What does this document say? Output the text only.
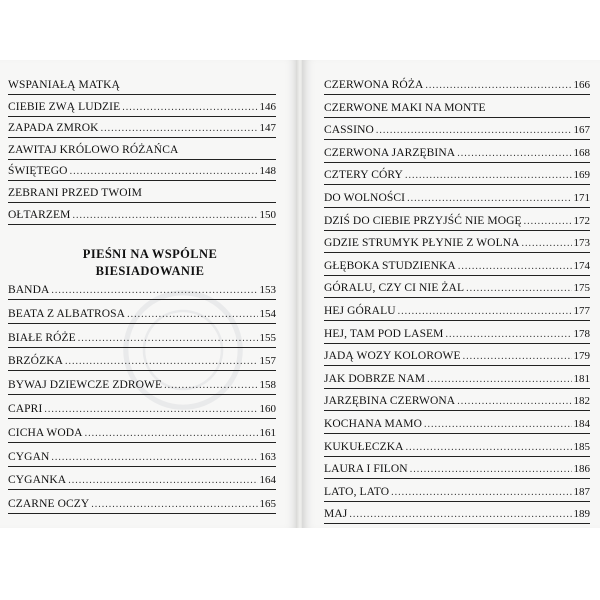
WSPANIAŁĄ MATKĄ
CIEBIE ZWĄ LUDZIE .....	146
ZAPADA ZMROK .....	147
ZAWITAJ KRÓLOWO RÓŻAŃCA
ŚWIĘTEGO .....	148
ZEBRANI PRZED TWOIM
OŁTARZEM .....	150
PIEŚNI NA WSPÓLNE
BIESIADOWANIE
BANDA .....	153
BEATA Z ALBATROSA .....	154
BIAŁE RÓŻE .....	155
BRZÓZKA .....	157
BYWAJ DZIEWCZE ZDROWE .....	158
CAPRI .....	160
CICHA WODA .....	161
CYGAN .....	163
CYGANKA .....	164
CZARNE OCZY .....	165
CZERWONA RÓŻA .....	166
CZERWONE MAKI NA MONTE
CASSINO .....	167
CZERWONA JARZĘBINA .....	168
CZTERY CÓRY .....	169
DO WOLNOŚCI .....	171
DZIŚ DO CIEBIE PRZYJŚĆ NIE MOGĘ .....	172
GDZIE STRUMYK PŁYNIE Z WOLNA .....	173
GŁĘBOKA STUDZIENKA .....	174
GÓRALU, CZY CI NIE ŻAL .....	175
HEJ GÓRALU .....	177
HEJ, TAM POD LASEM .....	178
JADĄ WOZY KOLOROWE .....	179
JAK DOBRZE NAM .....	181
JARZĘBINA CZERWONA .....	182
KOCHANA MAMO .....	184
KUKUŁECZKA .....	185
LAURA I FILON .....	186
LATO, LATO .....	187
MAJ .....	189
